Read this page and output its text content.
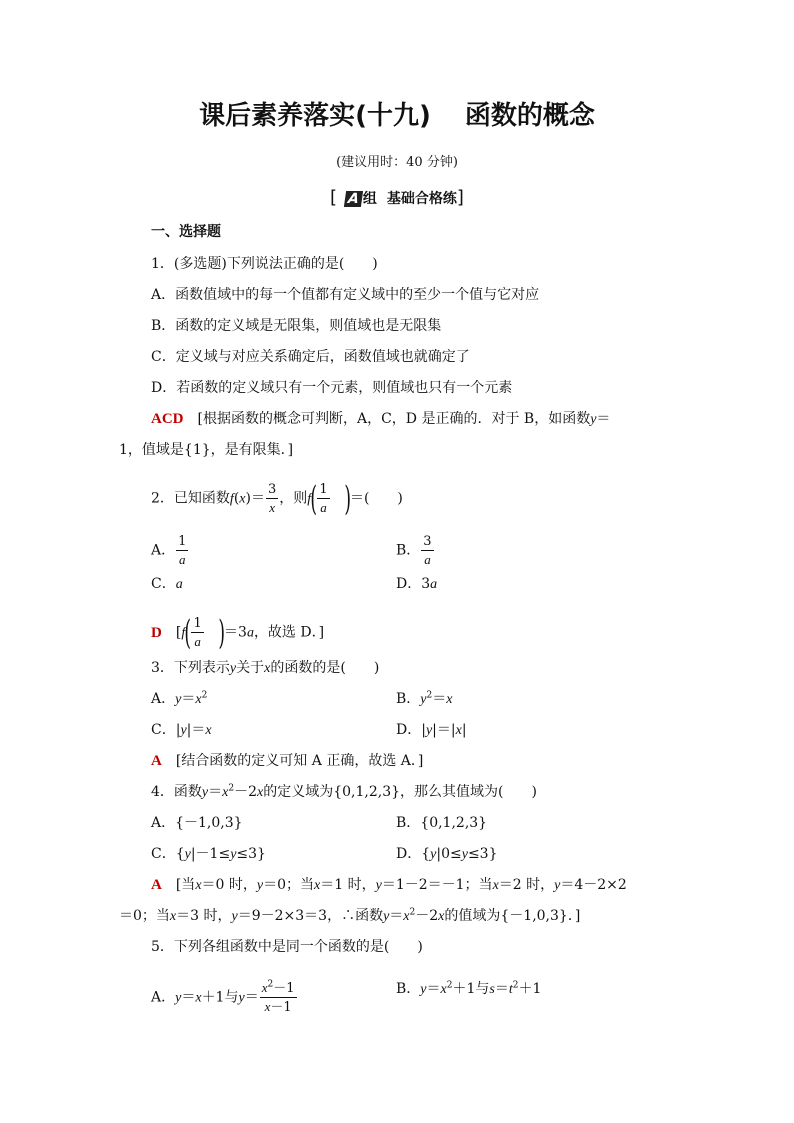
课后素养落实(十九) 函数的概念
(建议用时：40 分钟)
[ A 组 基础合格练]
一、选择题
1．(多选题)下列说法正确的是(　　)
A．函数值域中的每一个值都有定义域中的至少一个值与它对应
B．函数的定义域是无限集，则值域也是无限集
C．定义域与对应关系确定后，函数值域也就确定了
D．若函数的定义域只有一个元素，则值域也只有一个元素
ACD [根据函数的概念可判断，A，C，D 是正确的．对于 B，如函数y＝
1，值域是{1}，是有限集．]
2．已知函数$f(x)= \frac{3}{x}$ ，则$f( \frac{1}{a}$ )＝(　　)
A． $\frac{1}{a}$	B． $\frac{3}{a}$
C．a	D．3a
D [$f( \frac{1}{a} )=3a$，故选 D．]
3．下列表示y关于x的函数的是(　　)
A．$y=x^2$	B．$y^2=x$
C．|y|＝x	D．|y|＝|x|
A [结合函数的定义可知 A 正确，故选 A．]
4．函数$y=x^2-2x$的定义域为{0,1,2,3}，那么其值域为(　　)
A．{－1,0,3}	B．{0,1,2,3}
C．{y|－1≤y≤3}	D．{y|0≤y≤3}
A [当x＝0 时，y＝0；当x＝1 时，y＝1－2＝－1；当x＝2 时，y＝4－2×2
＝0；当x＝3 时，y＝9－2×3＝3，∴函数$y=x^2-2x$的值域为{－1,0,3}．]
5．下列各组函数中是同一个函数的是(　　)
A．y＝x＋1与$y= \frac{x^2-1}{x-1}$	B．$y=x^2+1$与$s=t^2+1$
